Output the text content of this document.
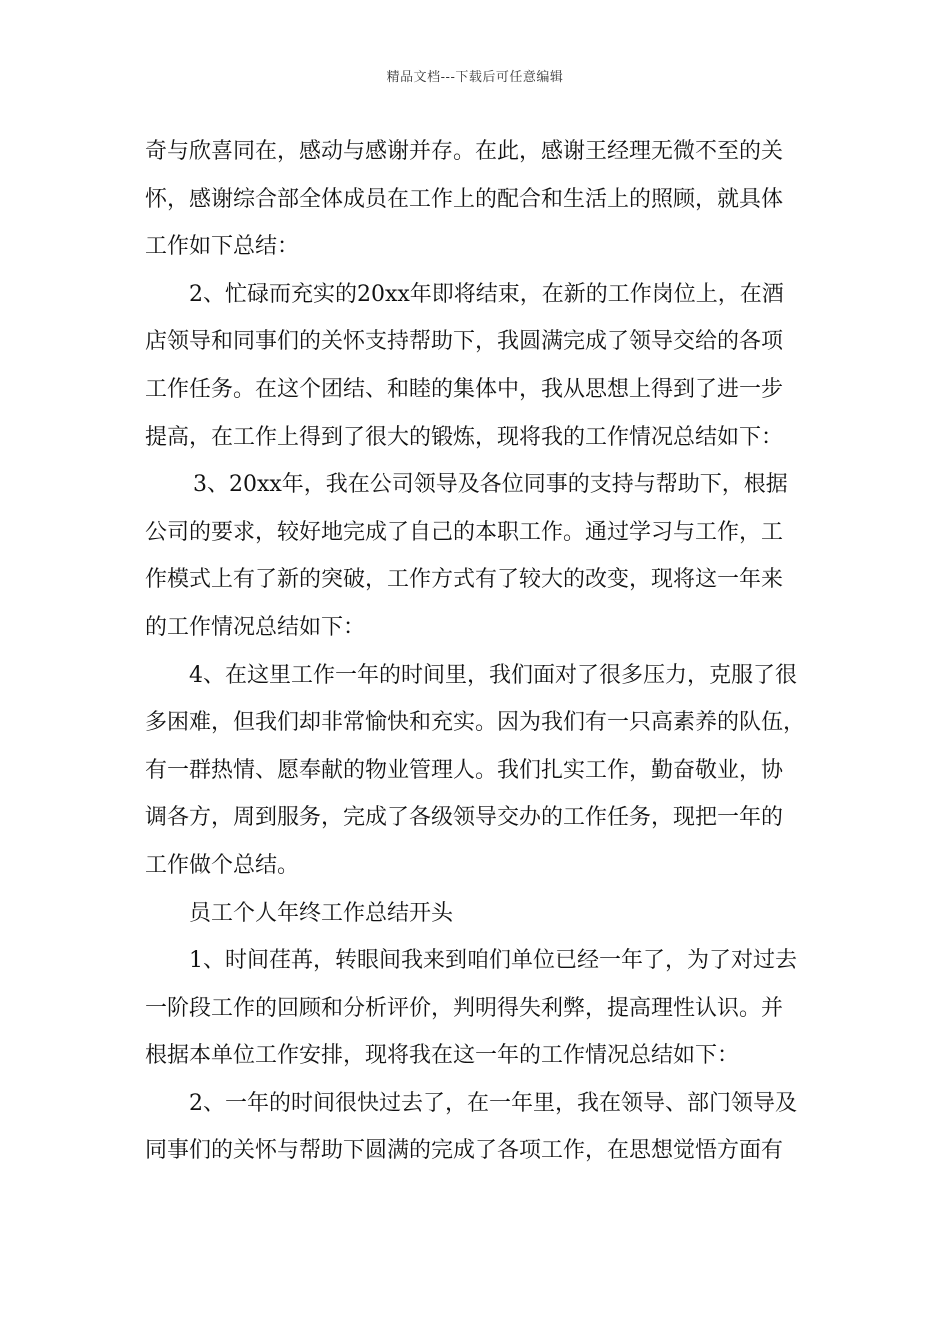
精品文档---下载后可任意编辑
奇与欣喜同在，感动与感谢并存。在此，感谢王经理无微不至的关
怀，感谢综合部全体成员在工作上的配合和生活上的照顾，就具体
工作如下总结：
2、忙碌而充实的20xx年即将结束，在新的工作岗位上，在酒
店领导和同事们的关怀支持帮助下，我圆满完成了领导交给的各项
工作任务。在这个团结、和睦的集体中，我从思想上得到了进一步
提高，在工作上得到了很大的锻炼，现将我的工作情况总结如下：
3、20xx年，我在公司领导及各位同事的支持与帮助下，根据
公司的要求，较好地完成了自己的本职工作。通过学习与工作，工
作模式上有了新的突破，工作方式有了较大的改变，现将这一年来
的工作情况总结如下：
4、在这里工作一年的时间里，我们面对了很多压力，克服了很
多困难，但我们却非常愉快和充实。因为我们有一只高素养的队伍，
有一群热情、愿奉献的物业管理人。我们扎实工作，勤奋敬业，协
调各方，周到服务，完成了各级领导交办的工作任务，现把一年的
工作做个总结。
员工个人年终工作总结开头
1、时间荏苒，转眼间我来到咱们单位已经一年了，为了对过去
一阶段工作的回顾和分析评价，判明得失利弊，提高理性认识。并
根据本单位工作安排，现将我在这一年的工作情况总结如下：
2、一年的时间很快过去了，在一年里，我在领导、部门领导及
同事们的关怀与帮助下圆满的完成了各项工作，在思想觉悟方面有
